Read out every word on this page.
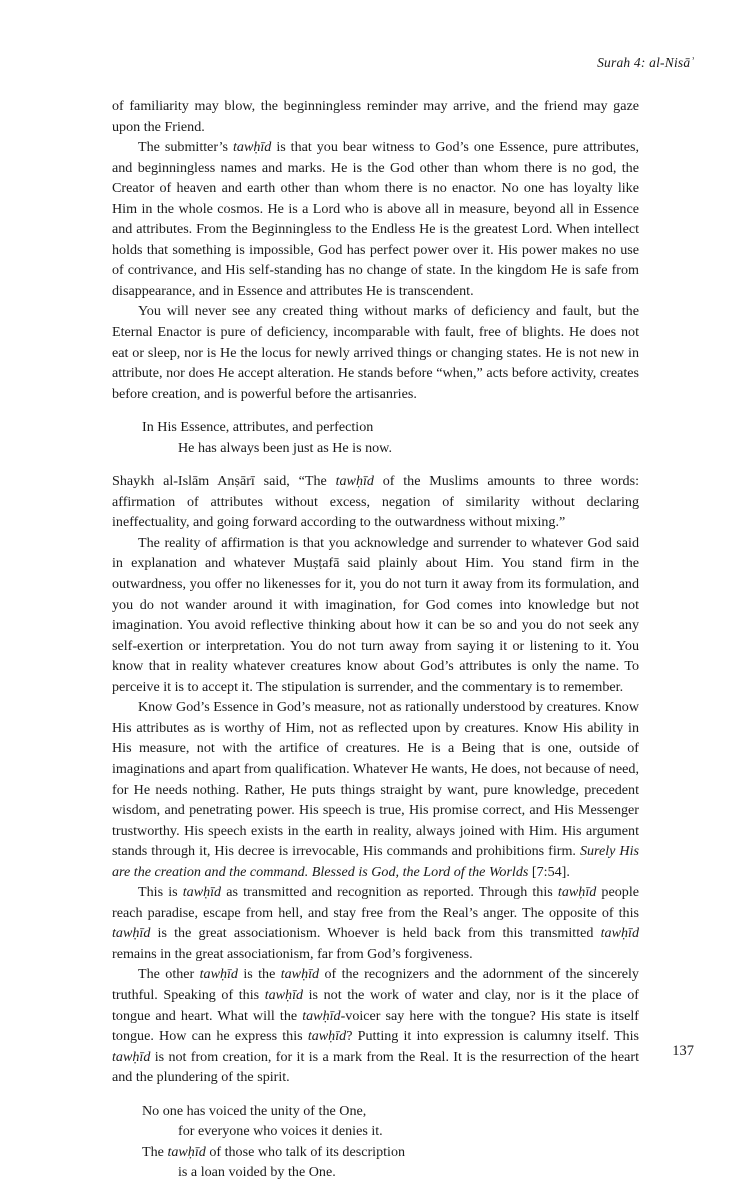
Surah 4: al-Nisāʾ

of familiarity may blow, the beginningless reminder may arrive, and the friend may gaze upon the Friend.

The submitter’s tawḥīd is that you bear witness to God’s one Essence, pure attributes, and beginningless names and marks. He is the God other than whom there is no god, the Creator of heaven and earth other than whom there is no enactor. No one has loyalty like Him in the whole cosmos. He is a Lord who is above all in measure, beyond all in Essence and attributes. From the Beginningless to the Endless He is the greatest Lord. When intellect holds that something is impossible, God has perfect power over it. His power makes no use of contrivance, and His self-standing has no change of state. In the kingdom He is safe from disappearance, and in Essence and attributes He is transcendent.

You will never see any created thing without marks of deficiency and fault, but the Eternal Enactor is pure of deficiency, incomparable with fault, free of blights. He does not eat or sleep, nor is He the locus for newly arrived things or changing states. He is not new in attribute, nor does He accept alteration. He stands before “when,” acts before activity, creates before creation, and is powerful before the artisanries.

In His Essence, attributes, and perfection
He has always been just as He is now.

Shaykh al-Islām Anṣārī said, “The tawḥīd of the Muslims amounts to three words: affirmation of attributes without excess, negation of similarity without declaring ineffectuality, and going forward according to the outwardness without mixing.”

The reality of affirmation is that you acknowledge and surrender to whatever God said in explanation and whatever Muṣṭafā said plainly about Him. You stand firm in the outwardness, you offer no likenesses for it, you do not turn it away from its formulation, and you do not wander around it with imagination, for God comes into knowledge but not imagination. You avoid reflective thinking about how it can be so and you do not seek any self-exertion or interpretation. You do not turn away from saying it or listening to it. You know that in reality whatever creatures know about God’s attributes is only the name. To perceive it is to accept it. The stipulation is surrender, and the commentary is to remember.

Know God’s Essence in God’s measure, not as rationally understood by creatures. Know His attributes as is worthy of Him, not as reflected upon by creatures. Know His ability in His measure, not with the artifice of creatures. He is a Being that is one, outside of imaginations and apart from qualification. Whatever He wants, He does, not because of need, for He needs nothing. Rather, He puts things straight by want, pure knowledge, precedent wisdom, and penetrating power. His speech is true, His promise correct, and His Messenger trustworthy. His speech exists in the earth in reality, always joined with Him. His argument stands through it, His decree is irrevocable, His commands and prohibitions firm. Surely His are the creation and the command. Blessed is God, the Lord of the Worlds [7:54].

This is tawḥīd as transmitted and recognition as reported. Through this tawḥīd people reach paradise, escape from hell, and stay free from the Real’s anger. The opposite of this tawḥīd is the great associationism. Whoever is held back from this transmitted tawḥīd remains in the great associationism, far from God’s forgiveness.

The other tawḥīd is the tawḥīd of the recognizers and the adornment of the sincerely truthful. Speaking of this tawḥīd is not the work of water and clay, nor is it the place of tongue and heart. What will the tawḥīd-voicer say here with the tongue? His state is itself tongue. How can he express this tawḥīd? Putting it into expression is calumny itself. This tawḥīd is not from creation, for it is a mark from the Real. It is the resurrection of the heart and the plundering of the spirit.

No one has voiced the unity of the One,
for everyone who voices it denies it.
The tawḥīd of those who talk of its description
is a loan voided by the One.
137
